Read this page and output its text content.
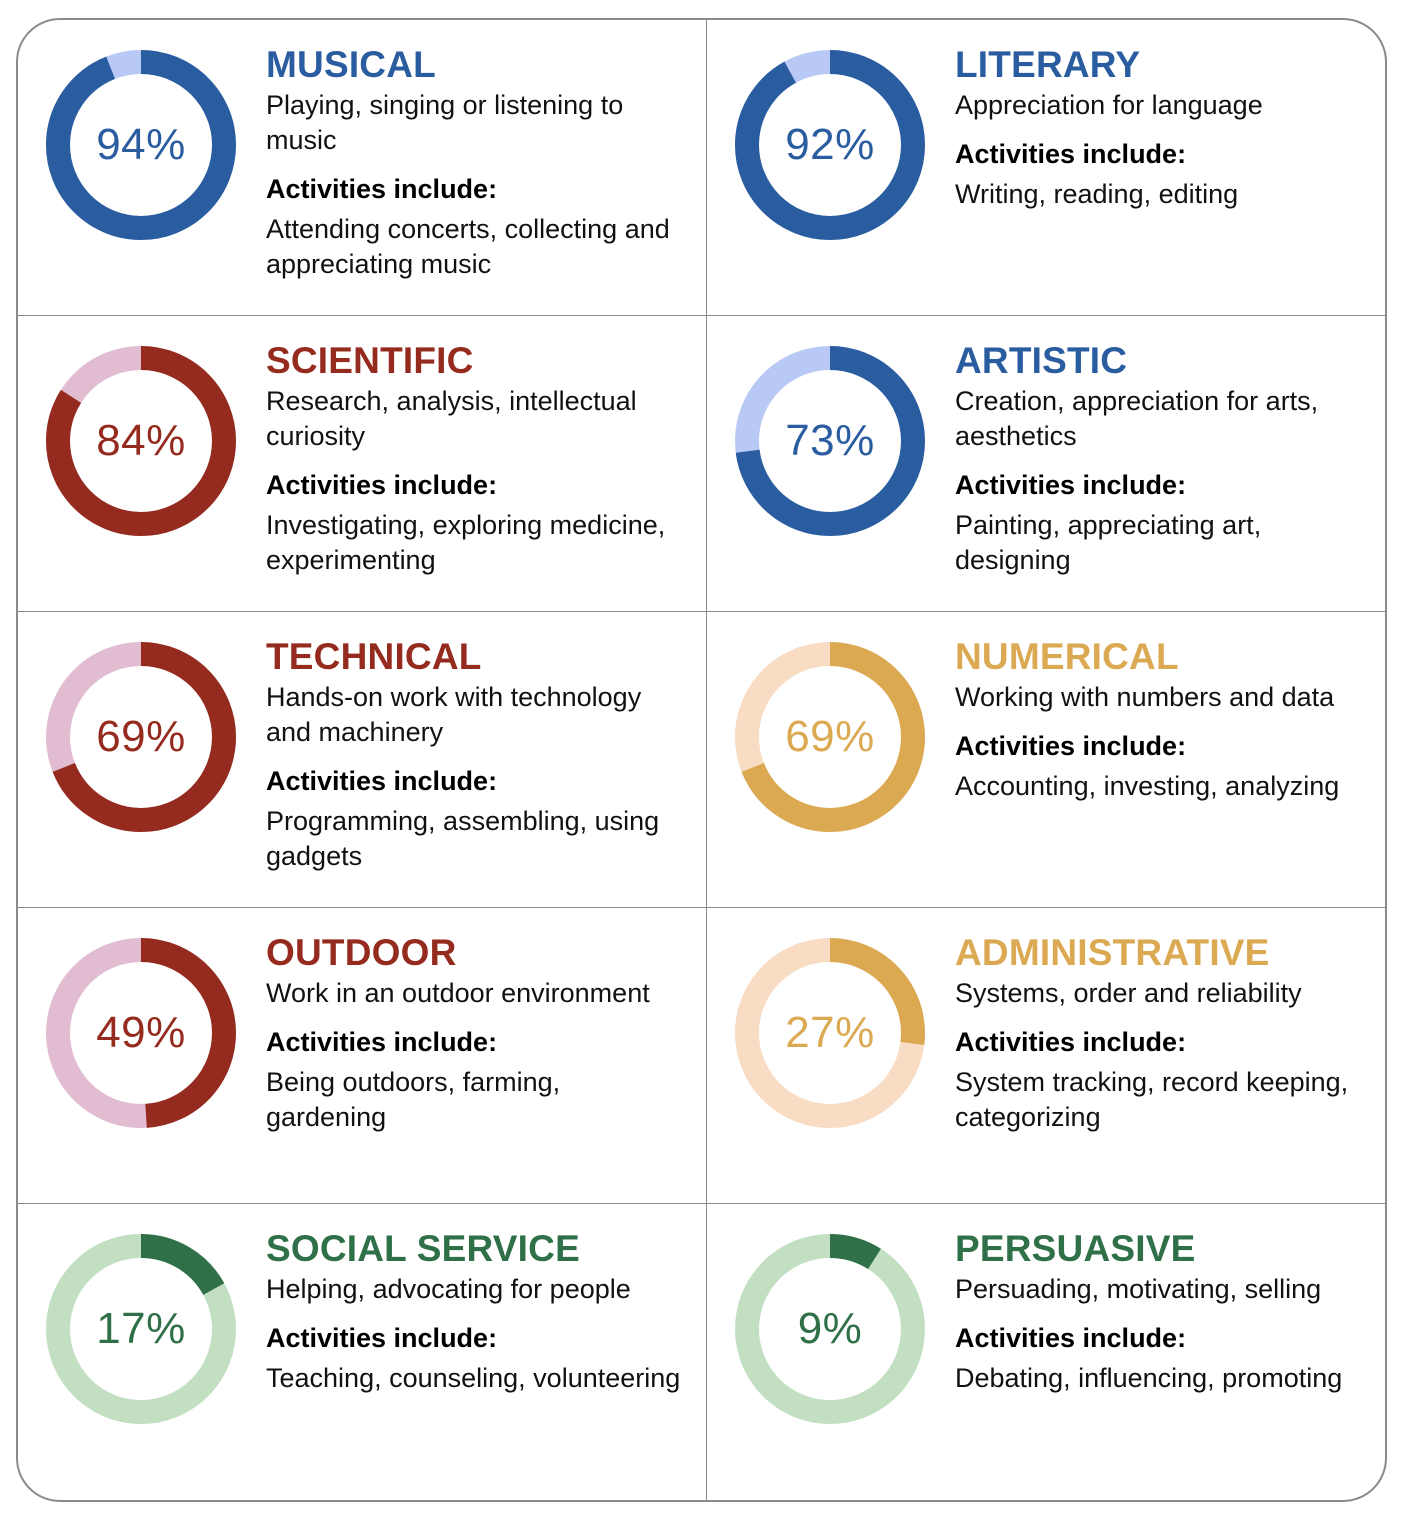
94%
MUSICAL
Playing, singing or listening to music
Activities include:
Attending concerts, collecting and appreciating music
92%
LITERARY
Appreciation for language
Activities include:
Writing, reading, editing
84%
SCIENTIFIC
Research, analysis, intellectual curiosity
Activities include:
Investigating, exploring medicine, experimenting
73%
ARTISTIC
Creation, appreciation for arts, aesthetics
Activities include:
Painting, appreciating art, designing
69%
TECHNICAL
Hands-on work with technology and machinery
Activities include:
Programming, assembling, using gadgets
69%
NUMERICAL
Working with numbers and data
Activities include:
Accounting, investing, analyzing
49%
OUTDOOR
Work in an outdoor environment
Activities include:
Being outdoors, farming, gardening
27%
ADMINISTRATIVE
Systems, order and reliability
Activities include:
System tracking, record keeping, categorizing
17%
SOCIAL SERVICE
Helping, advocating for people
Activities include:
Teaching, counseling, volunteering
9%
PERSUASIVE
Persuading, motivating, selling
Activities include:
Debating, influencing, promoting
